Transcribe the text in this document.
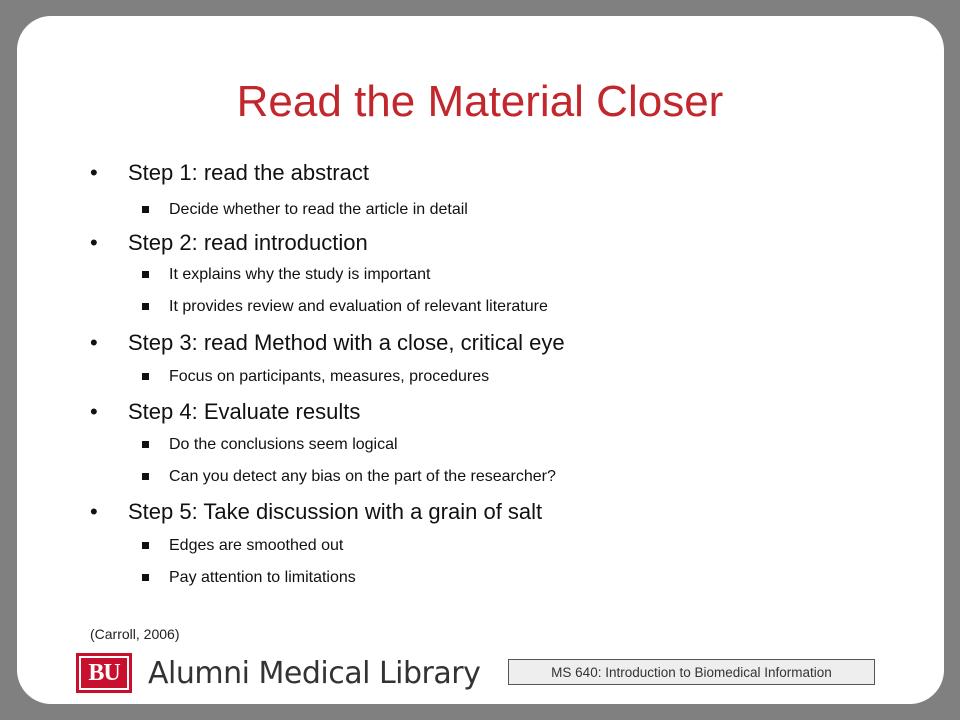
Read the Material Closer
• Step 1: read the abstract
Decide whether to read the article in detail
• Step 2: read introduction
It explains why the study is important
It provides review and evaluation of relevant literature
• Step 3: read Method with a close, critical eye
Focus on participants, measures, procedures
• Step 4: Evaluate results
Do the conclusions seem logical
Can you detect any bias on the part of the researcher?
• Step 5: Take discussion with a grain of salt
Edges are smoothed out
Pay attention to limitations
(Carroll, 2006)
BU Alumni Medical Library	MS 640: Introduction to Biomedical Information
